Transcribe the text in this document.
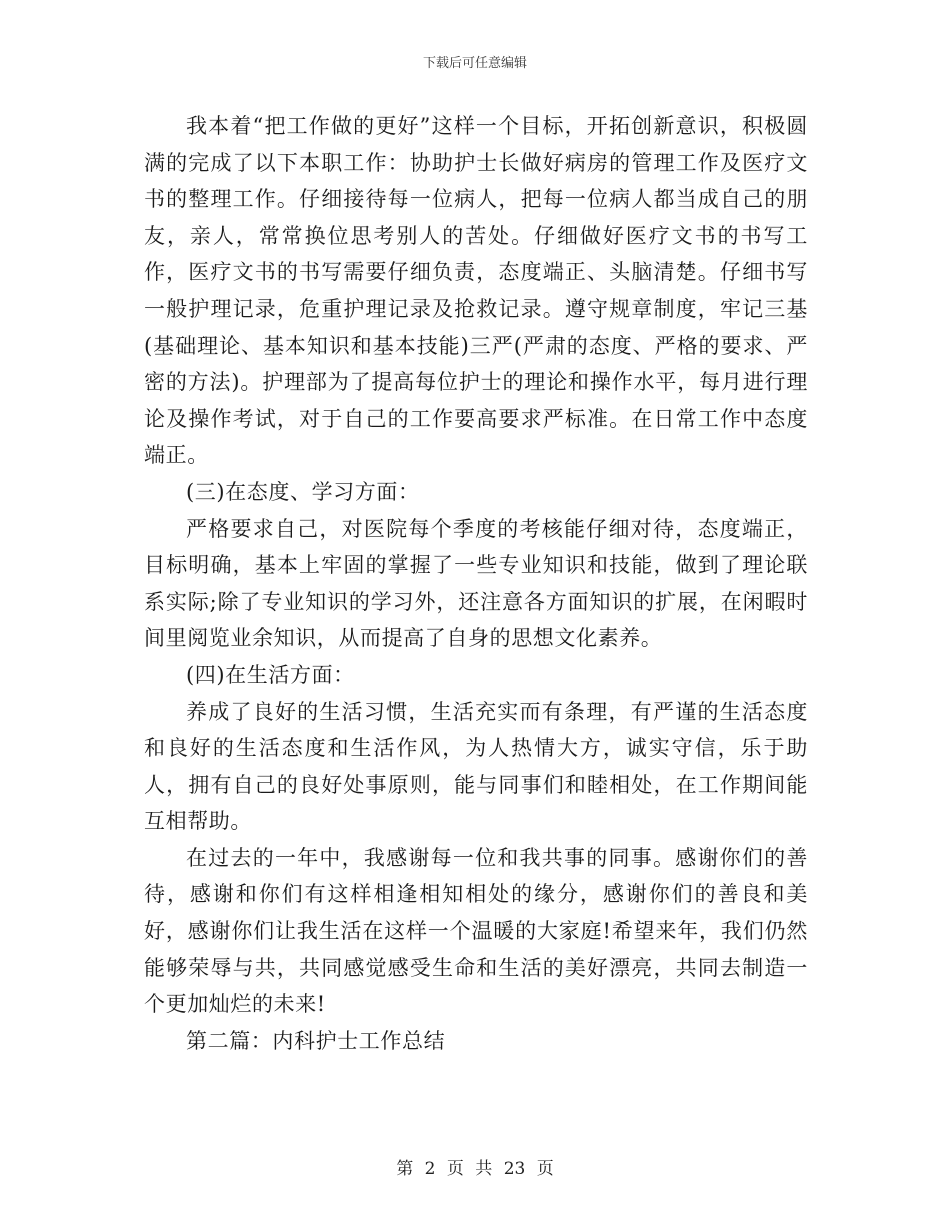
下载后可任意编辑

我本着“把工作做的更好”这样一个目标，开拓创新意识，积极圆满的完成了以下本职工作：协助护士长做好病房的管理工作及医疗文书的整理工作。仔细接待每一位病人，把每一位病人都当成自己的朋友，亲人，常常换位思考别人的苦处。仔细做好医疗文书的书写工作，医疗文书的书写需要仔细负责，态度端正、头脑清楚。仔细书写一般护理记录，危重护理记录及抢救记录。遵守规章制度，牢记三基(基础理论、基本知识和基本技能)三严(严肃的态度、严格的要求、严密的方法)。护理部为了提高每位护士的理论和操作水平，每月进行理论及操作考试，对于自己的工作要高要求严标准。在日常工作中态度端正。

(三)在态度、学习方面：

严格要求自己，对医院每个季度的考核能仔细对待，态度端正，目标明确，基本上牢固的掌握了一些专业知识和技能，做到了理论联系实际;除了专业知识的学习外，还注意各方面知识的扩展，在闲暇时间里阅览业余知识，从而提高了自身的思想文化素养。

(四)在生活方面：

养成了良好的生活习惯，生活充实而有条理，有严谨的生活态度和良好的生活态度和生活作风，为人热情大方，诚实守信，乐于助人，拥有自己的良好处事原则，能与同事们和睦相处，在工作期间能互相帮助。

在过去的一年中，我感谢每一位和我共事的同事。感谢你们的善待，感谢和你们有这样相逢相知相处的缘分，感谢你们的善良和美好，感谢你们让我生活在这样一个温暖的大家庭!希望来年，我们仍然能够荣辱与共，共同感觉感受生命和生活的美好漂亮，共同去制造一个更加灿烂的未来!

第二篇：内科护士工作总结

第 2 页 共 23 页
